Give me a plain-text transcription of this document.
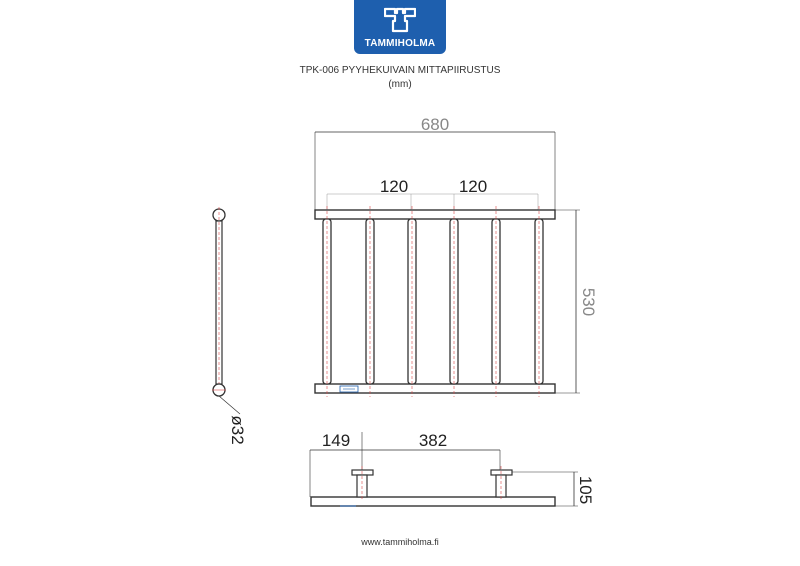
TAMMIHOLMA
TPK-006 PYYHEKUIVAIN MITTAPIIRUSTUS
(mm)
680
120	120
530
ø32	149	382
105
www.tammiholma.fi
